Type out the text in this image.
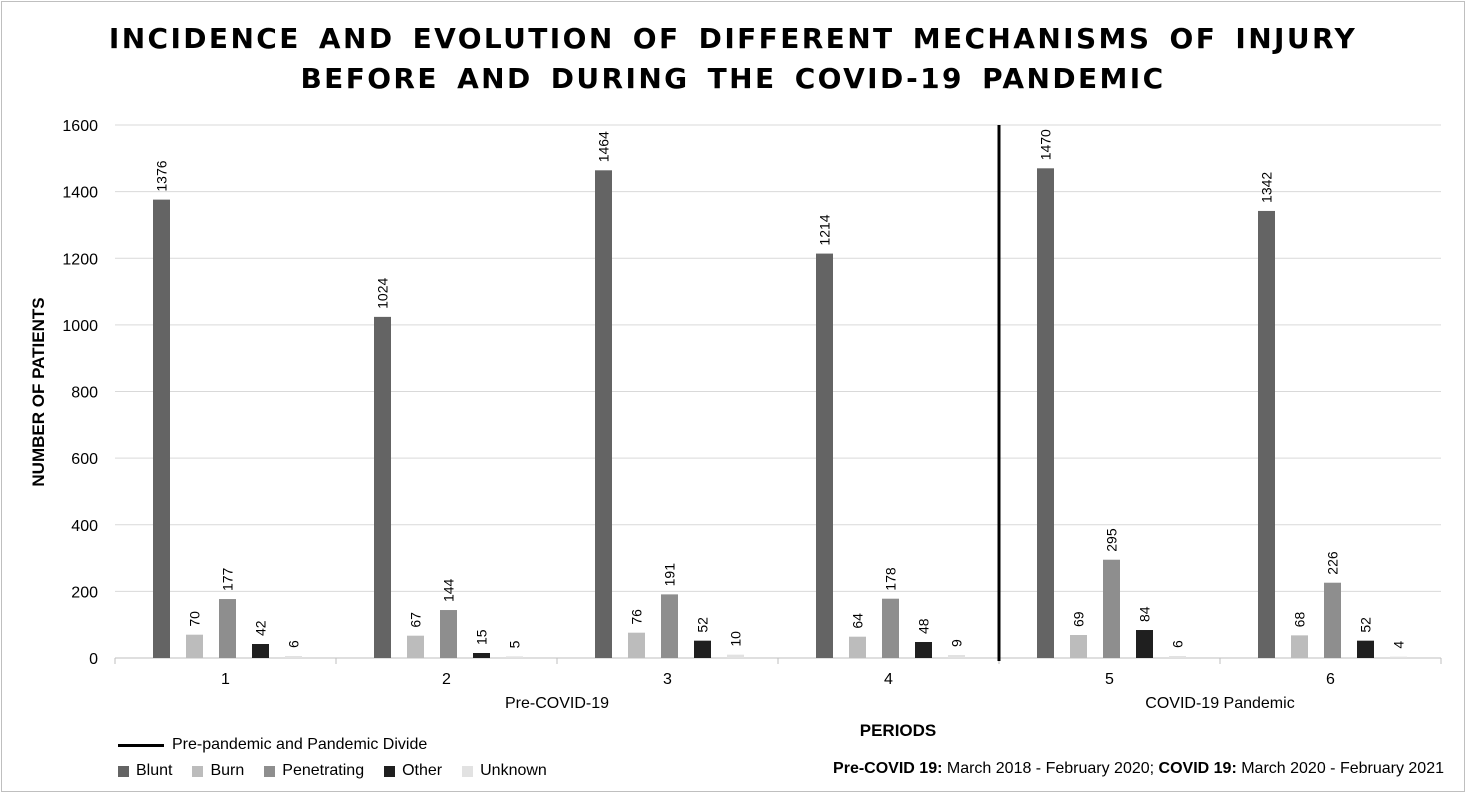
INCIDENCE AND EVOLUTION OF DIFFERENT MECHANISMS OF INJURY
BEFORE AND DURING THE COVID-19 PANDEMIC
0
200
400
600
800
1000
1200
1400
1600
1376
70
177
42
6
1
1024
67
144
15 5
2
1464
76
191
52
10
3
1214
64
178
48
9
4
1470
69
295
84
6
5
1342
68
226
52
4
6
Pre-COVID-19	COVID-19 Pandemic
PERIODS
NUMBER OF PATIENTS
Pre-pandemic and Pandemic Divide
Blunt Burn Penetrating Other Unknown	Pre-COVID 19: March 2018 - February 2020; COVID 19: March 2020 - February 2021
